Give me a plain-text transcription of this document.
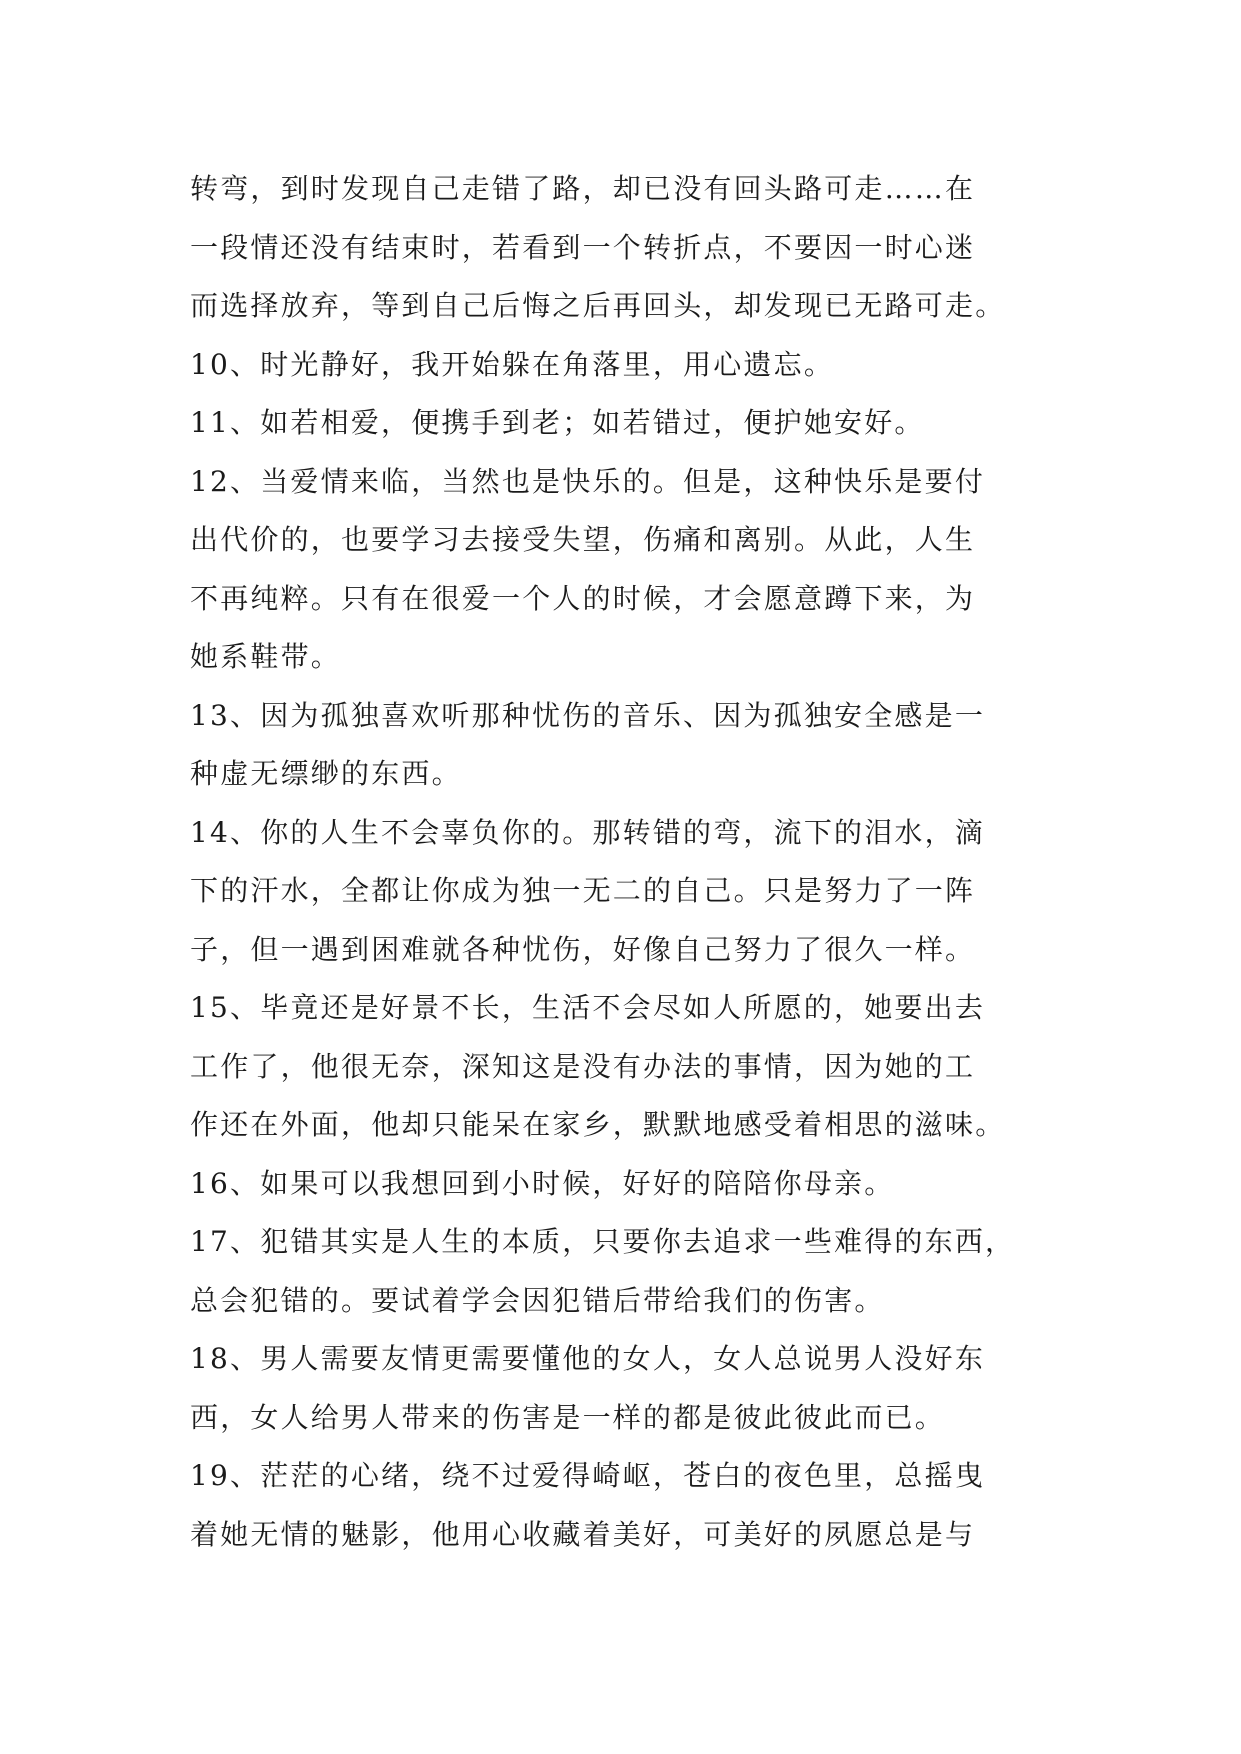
转弯，到时发现自己走错了路，却已没有回头路可走……在
一段情还没有结束时，若看到一个转折点，不要因一时心迷
而选择放弃，等到自己后悔之后再回头，却发现已无路可走。
10、时光静好，我开始躲在角落里，用心遗忘。
11、如若相爱，便携手到老；如若错过，便护她安好。
12、当爱情来临，当然也是快乐的。但是，这种快乐是要付
出代价的，也要学习去接受失望，伤痛和离别。从此，人生
不再纯粹。只有在很爱一个人的时候，才会愿意蹲下来，为
她系鞋带。
13、因为孤独喜欢听那种忧伤的音乐、因为孤独安全感是一
种虚无缥缈的东西。
14、你的人生不会辜负你的。那转错的弯，流下的泪水，滴
下的汗水，全都让你成为独一无二的自己。只是努力了一阵
子，但一遇到困难就各种忧伤，好像自己努力了很久一样。
15、毕竟还是好景不长，生活不会尽如人所愿的，她要出去
工作了，他很无奈，深知这是没有办法的事情，因为她的工
作还在外面，他却只能呆在家乡，默默地感受着相思的滋味。
16、如果可以我想回到小时候，好好的陪陪你母亲。
17、犯错其实是人生的本质，只要你去追求一些难得的东西，
总会犯错的。要试着学会因犯错后带给我们的伤害。
18、男人需要友情更需要懂他的女人，女人总说男人没好东
西，女人给男人带来的伤害是一样的都是彼此彼此而已。
19、茫茫的心绪，绕不过爱得崎岖，苍白的夜色里，总摇曳
着她无情的魅影，他用心收藏着美好，可美好的夙愿总是与
